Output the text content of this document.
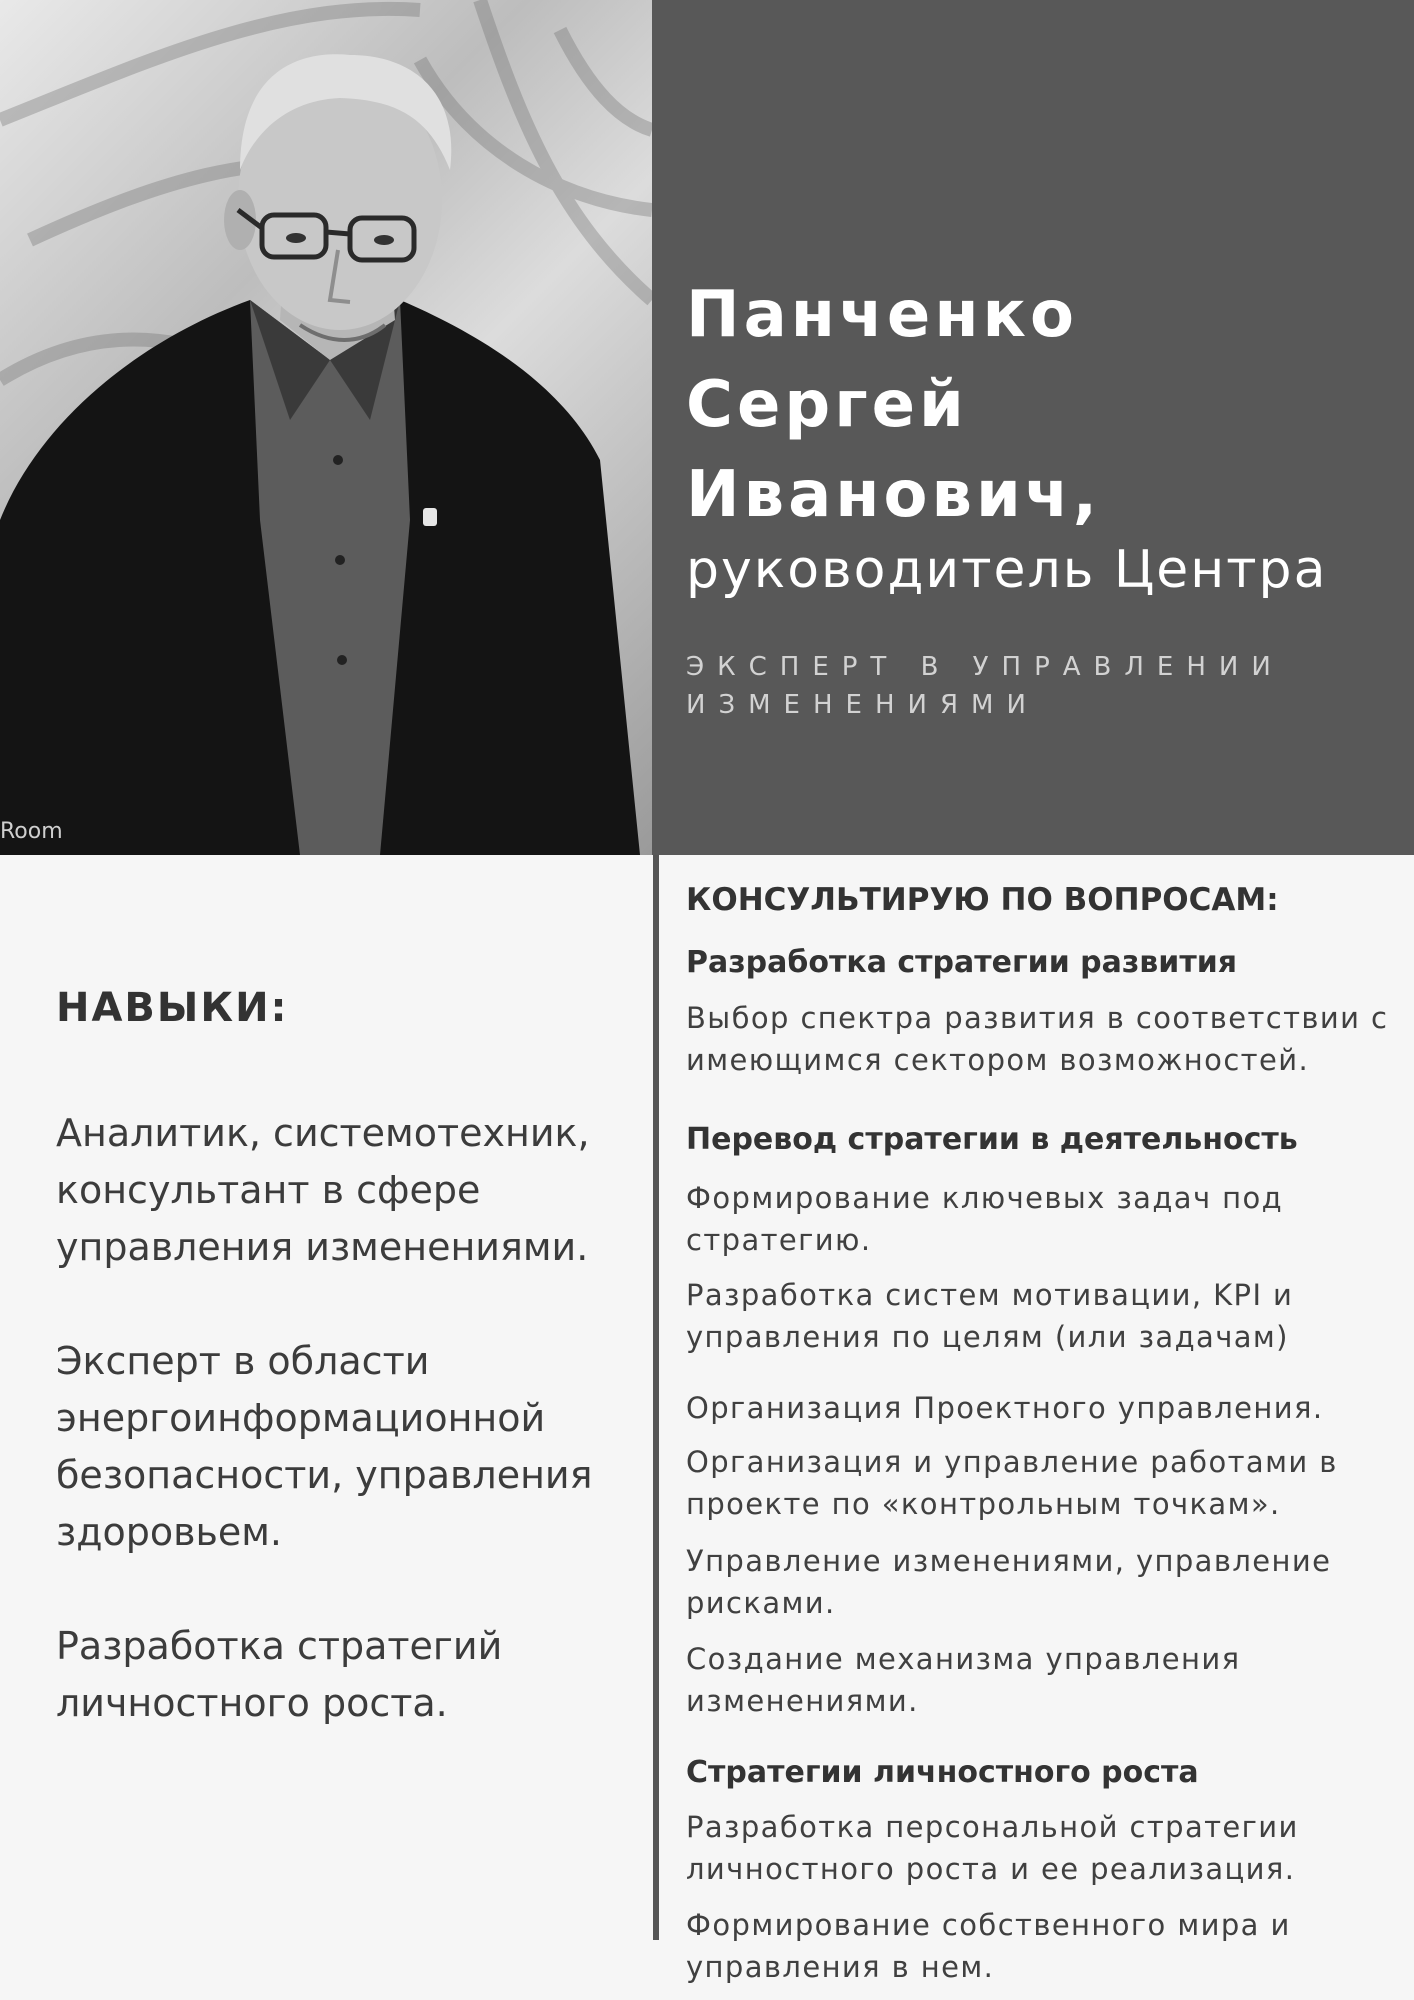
Room
Панченко
Сергей
Иванович,
руководитель Центра
ЭКСПЕРТ В УПРАВЛЕНИИ
ИЗМЕНЕНИЯМИ
НАВЫКИ:
Аналитик, системотехник, консультант в сфере управления изменениями.
Эксперт в области энергоинформационной безопасности, управления здоровьем.
Разработка стратегий личностного роста.
КОНСУЛЬТИРУЮ ПО ВОПРОСАМ:
Разработка стратегии развития
Выбор спектра развития в соответствии с имеющимся сектором возможностей.
Перевод стратегии в деятельность
Формирование ключевых задач под стратегию.
Разработка систем мотивации, KPI и управления по целям (или задачам)
Организация Проектного управления.
Организация и управление работами в проекте по «контрольным точкам».
Управление изменениями, управление рисками.
Создание механизма управления изменениями.
Стратегии личностного роста
Разработка персональной стратегии личностного роста и ее реализация.
Формирование собственного мира и управления в нем.
